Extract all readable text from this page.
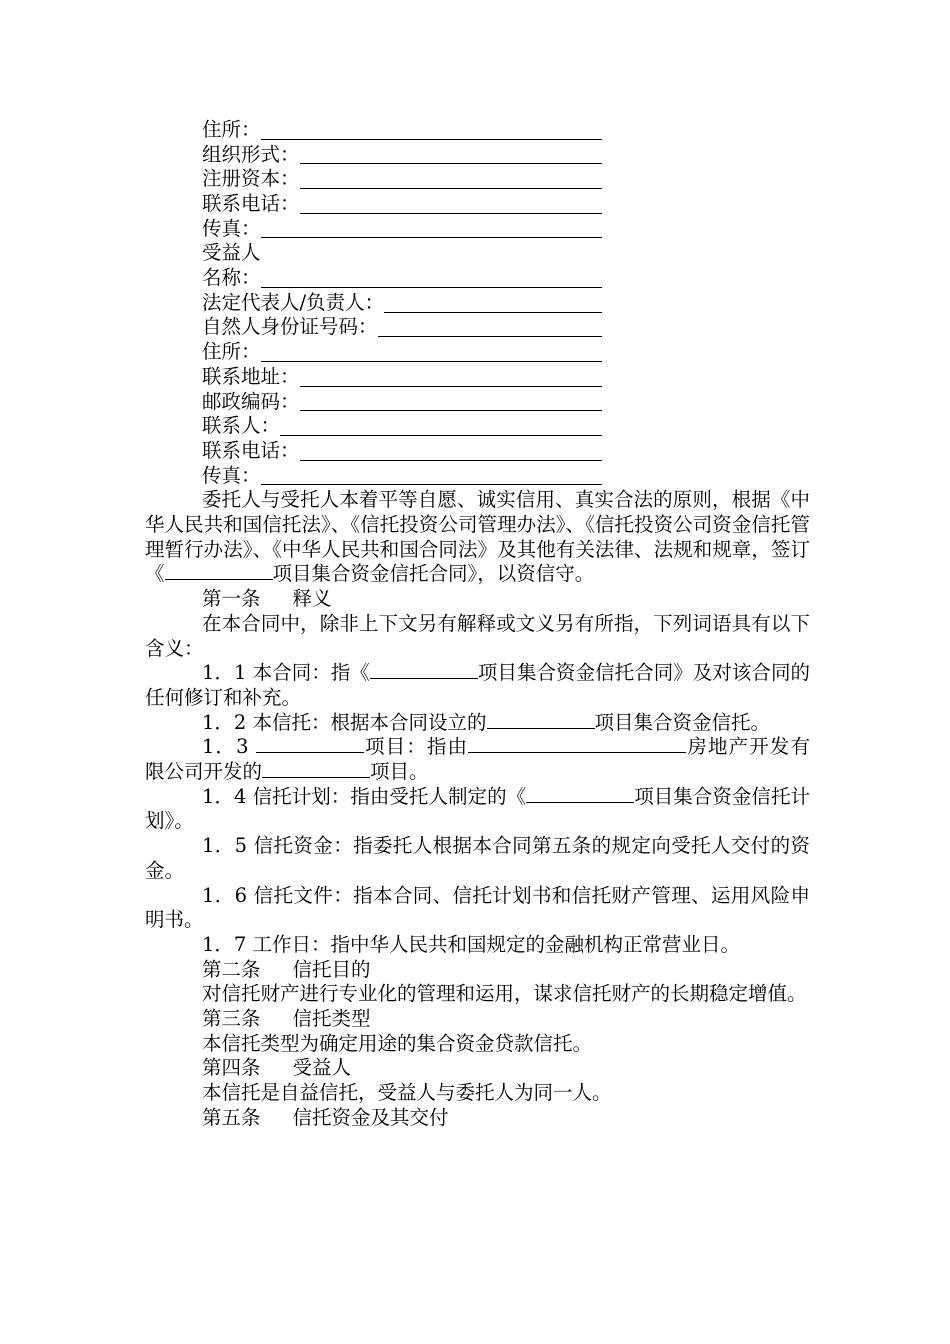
住所：
组织形式：
注册资本：
联系电话：
传真：
受益人
名称：
法定代表人/负责人：
自然人身份证号码：
住所：
联系地址：
邮政编码：
联系人：
联系电话：
传真：

委托人与受托人本着平等自愿、诚实信用、真实合法的原则，根据《中华人民共和国信托法》、《信托投资公司管理办法》、《信托投资公司资金信托管理暂行办法》、《中华人民共和国合同法》及其他有关法律、法规和规章，签订《	项目集合资金信托合同》，以资信守。

第一条 释义

在本合同中，除非上下文另有解释或文义另有所指，下列词语具有以下含义：

1．1 本合同：指《	项目集合资金信托合同》及对该合同的任何修订和补充。

1．2 本信托：根据本合同设立的	项目集合资金信托。

1．3	项目：指由	房地产开发有限公司开发的	项目。

1．4 信托计划：指由受托人制定的《	项目集合资金信托计划》。

1．5 信托资金：指委托人根据本合同第五条的规定向受托人交付的资金。

1．6 信托文件：指本合同、信托计划书和信托财产管理、运用风险申明书。

1．7 工作日：指中华人民共和国规定的金融机构正常营业日。

第二条 信托目的

对信托财产进行专业化的管理和运用，谋求信托财产的长期稳定增值。

第三条 信托类型

本信托类型为确定用途的集合资金贷款信托。

第四条 受益人

本信托是自益信托，受益人与委托人为同一人。

第五条 信托资金及其交付
